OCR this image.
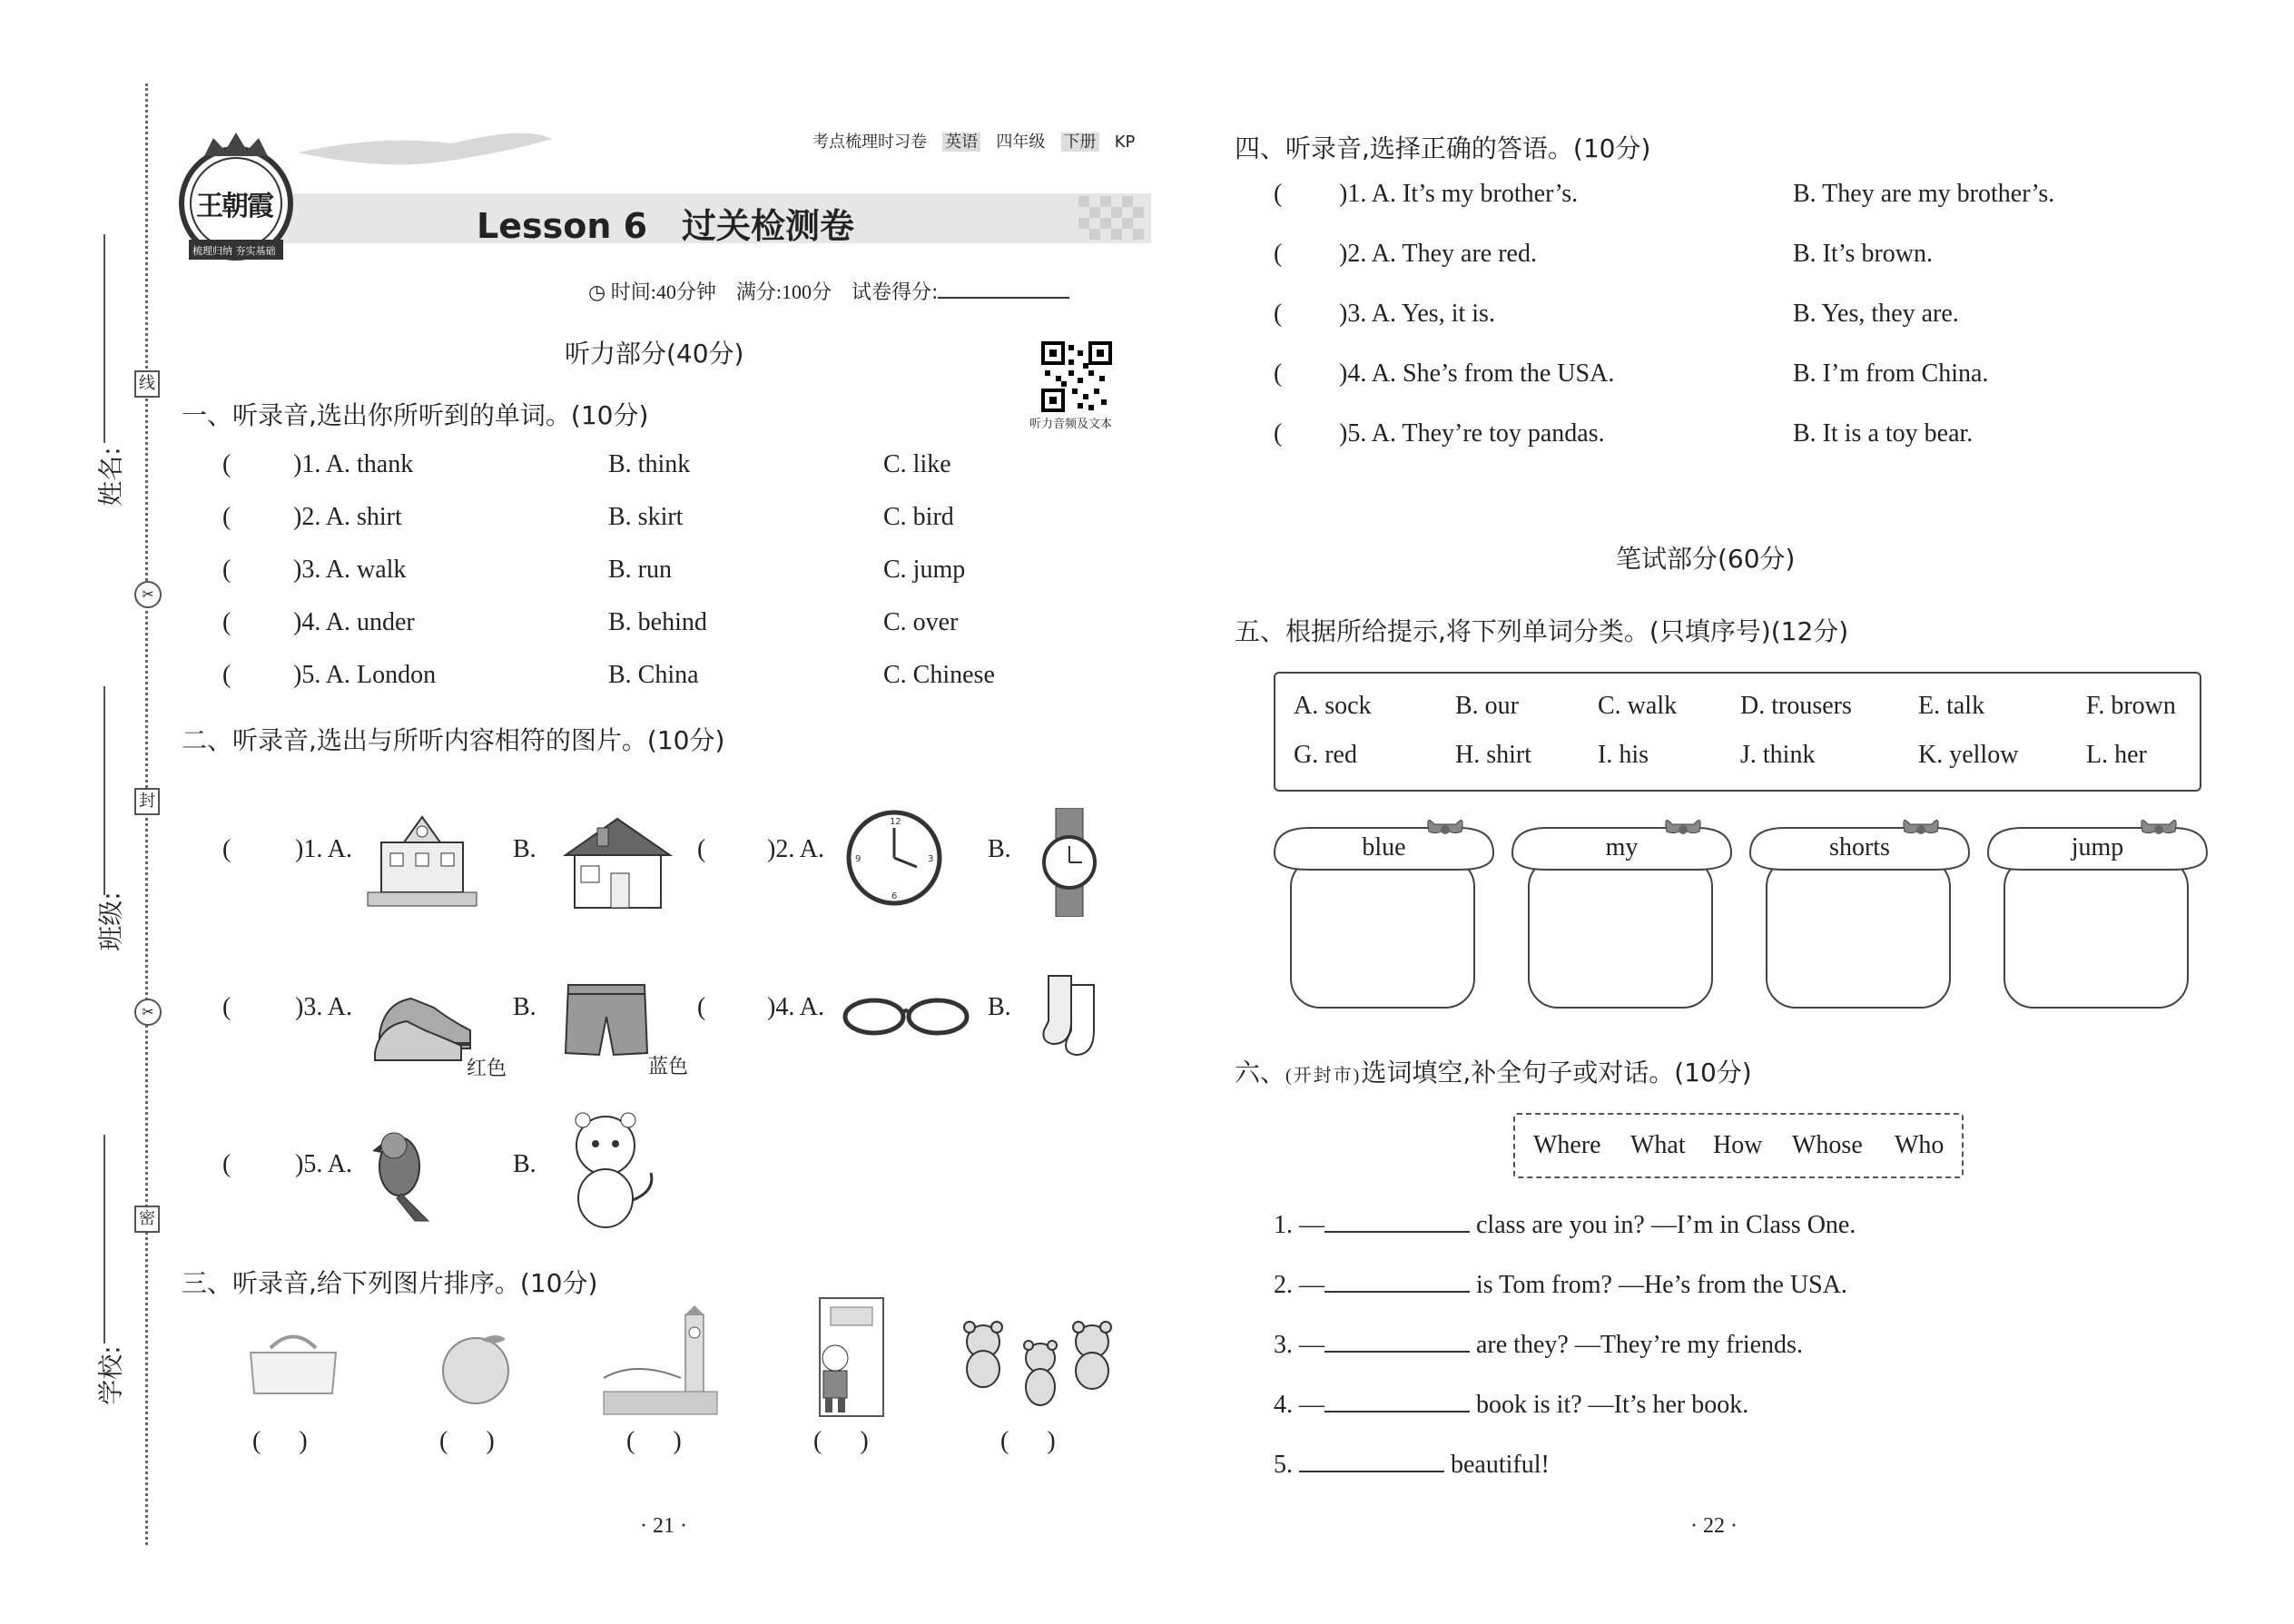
姓名:
班级:
学校:
线
封
密
✂
✂
王朝霞
梳理归纳 夯实基础
考点梳理时习卷 英语 四年级 下册 KP
Lesson 6　过关检测卷
◷ 时间:40分钟 满分:100分 试卷得分:
听力部分(40分)
听力音频及文本
一、听录音,选出你所听到的单词。(10分)
( )1. A. thank	B. think	C. like
( )2. A. shirt	B. skirt	C. bird
( )3. A. walk	B. run	C. jump
( )4. A. under	B. behind	C. over
( )5. A. London	B. China	C. Chinese
二、听录音,选出与所听内容相符的图片。(10分)
(	)1. A.	B.	( )2. A.
12
3
6
9	B.
(	)3. A.
红色
B.
蓝色
( )4. A.	B.
(	)5. A.	B.
三、听录音,给下列图片排序。(10分)
(      )	(      )	(      )	(      )	(      )
· 21 ·
四、听录音,选择正确的答语。(10分)
( )1. A. It’s my brother’s.	B. They are my brother’s.
( )2. A. They are red.	B. It’s brown.
( )3. A. Yes, it is.	B. Yes, they are.
( )4. A. She’s from the USA.	B. I’m from China.
( )5. A. They’re toy pandas.	B. It is a toy bear.
笔试部分(60分)
五、根据所给提示,将下列单词分类。(只填序号)(12分)
A. sock	B. our	C. walk D. trousers	E. talk	F. brown
G. red	H. shirt	I. his	J. think	K. yellow	L. her
blue	my	shorts	jump
六、(开封市)选词填空,补全句子或对话。(10分)
Where What How Whose Who
1. —	class are you in? —I’m in Class One.
2. —	is Tom from? —He’s from the USA.
3. —	are they? —They’re my friends.
4. —	book is it? —It’s her book.
5.	beautiful!
· 22 ·
